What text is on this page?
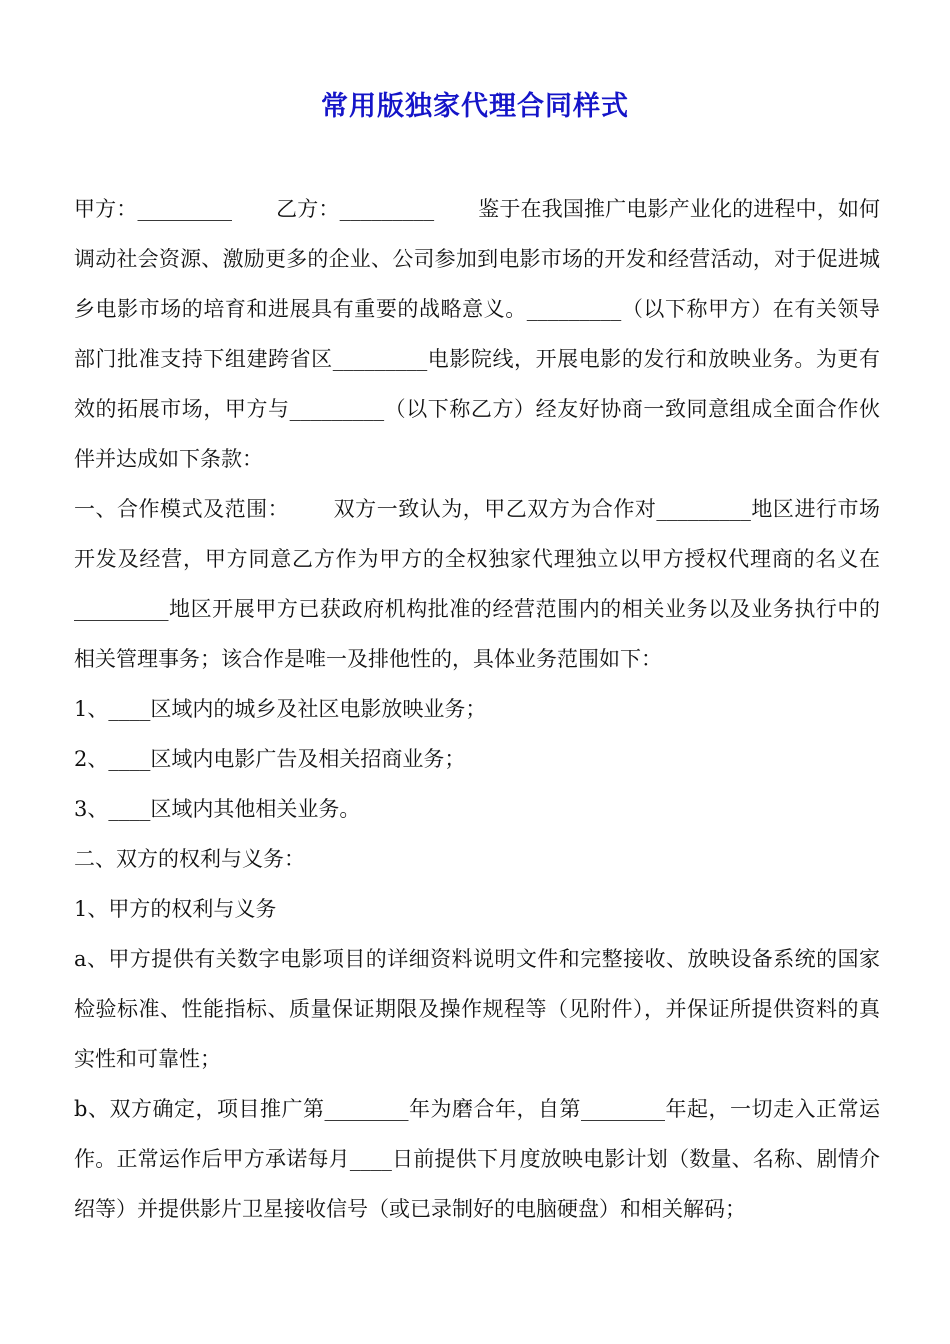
常用版独家代理合同样式

甲方：_________ 乙方：_________ 鉴于在我国推广电影产业化的进程中，如何调动社会资源、激励更多的企业、公司参加到电影市场的开发和经营活动，对于促进城乡电影市场的培育和进展具有重要的战略意义。_________（以下称甲方）在有关领导部门批准支持下组建跨省区_________电影院线，开展电影的发行和放映业务。为更有效的拓展市场，甲方与_________（以下称乙方）经友好协商一致同意组成全面合作伙伴并达成如下条款：

一、合作模式及范围： 双方一致认为，甲乙双方为合作对_________地区进行市场开发及经营，甲方同意乙方作为甲方的全权独家代理独立以甲方授权代理商的名义在_________地区开展甲方已获政府机构批准的经营范围内的相关业务以及业务执行中的相关管理事务；该合作是唯一及排他性的，具体业务范围如下：

1、____区域内的城乡及社区电影放映业务；

2、____区域内电影广告及相关招商业务；

3、____区域内其他相关业务。

二、双方的权利与义务：

1、甲方的权利与义务

a、甲方提供有关数字电影项目的详细资料说明文件和完整接收、放映设备系统的国家检验标准、性能指标、质量保证期限及操作规程等（见附件），并保证所提供资料的真实性和可靠性；

b、双方确定，项目推广第________年为磨合年，自第________年起，一切走入正常运作。正常运作后甲方承诺每月____日前提供下月度放映电影计划（数量、名称、剧情介绍等）并提供影片卫星接收信号（或已录制好的电脑硬盘）和相关解码；
